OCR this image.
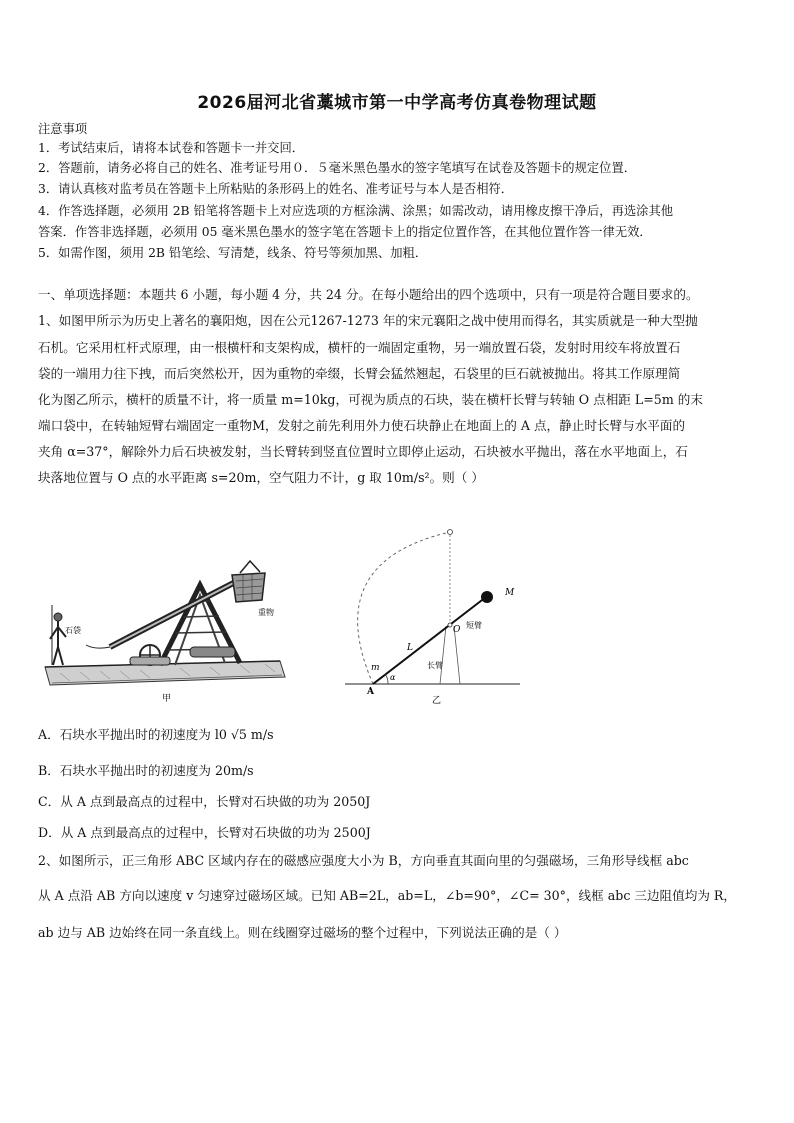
2026届河北省藁城市第一中学高考仿真卷物理试题
注意事项
1．考试结束后，请将本试卷和答题卡一并交回．
2．答题前，请务必将自己的姓名、准考证号用０．５毫米黑色墨水的签字笔填写在试卷及答题卡的规定位置．
3．请认真核对监考员在答题卡上所粘贴的条形码上的姓名、准考证号与本人是否相符．
4．作答选择题，必须用 2B 铅笔将答题卡上对应选项的方框涂满、涂黑；如需改动，请用橡皮擦干净后，再选涂其他
答案．作答非选择题，必须用 05 毫米黑色墨水的签字笔在答题卡上的指定位置作答，在其他位置作答一律无效．
5．如需作图，须用 2B 铅笔绘、写清楚，线条、符号等须加黑、加粗．
一、单项选择题：本题共 6 小题，每小题 4 分，共 24 分。在每小题给出的四个选项中，只有一项是符合题目要求的。
1、如图甲所示为历史上著名的襄阳炮，因在公元1267-1273 年的宋元襄阳之战中使用而得名，其实质就是一种大型抛
石机。它采用杠杆式原理，由一根横杆和支架构成，横杆的一端固定重物，另一端放置石袋，发射时用绞车将放置石
袋的一端用力往下拽，而后突然松开，因为重物的牵缀，长臂会猛然翘起，石袋里的巨石就被抛出。将其工作原理简
化为图乙所示，横杆的质量不计，将一质量 m=10kg，可视为质点的石块，装在横杆长臂与转轴 O 点相距 L=5m 的末
端口袋中，在转轴短臂右端固定一重物M，发射之前先利用外力使石块静止在地面上的 A 点，静止时长臂与水平面的
夹角 α=37°，解除外力后石块被发射，当长臂转到竖直位置时立即停止运动，石块被水平抛出，落在水平地面上，石
块落地位置与 O 点的水平距离 s=20m，空气阻力不计，g 取 10m/s²。则（ ）
石袋
重物
甲
M
O 短臂
L
长臂
m
α
A
乙
A．石块水平抛出时的初速度为 l0 √5 m/s
B．石块水平抛出时的初速度为 20m/s
C．从 A 点到最高点的过程中，长臂对石块做的功为 2050J
D．从 A 点到最高点的过程中，长臂对石块做的功为 2500J
2、如图所示，正三角形 ABC 区域内存在的磁感应强度大小为 B，方向垂直其面向里的匀强磁场，三角形导线框 abc
从 A 点沿 AB 方向以速度 v 匀速穿过磁场区域。已知 AB=2L，ab=L，∠b=90°，∠C= 30°，线框 abc 三边阻值均为 R，
ab 边与 AB 边始终在同一条直线上。则在线圈穿过磁场的整个过程中，下列说法正确的是（ ）
